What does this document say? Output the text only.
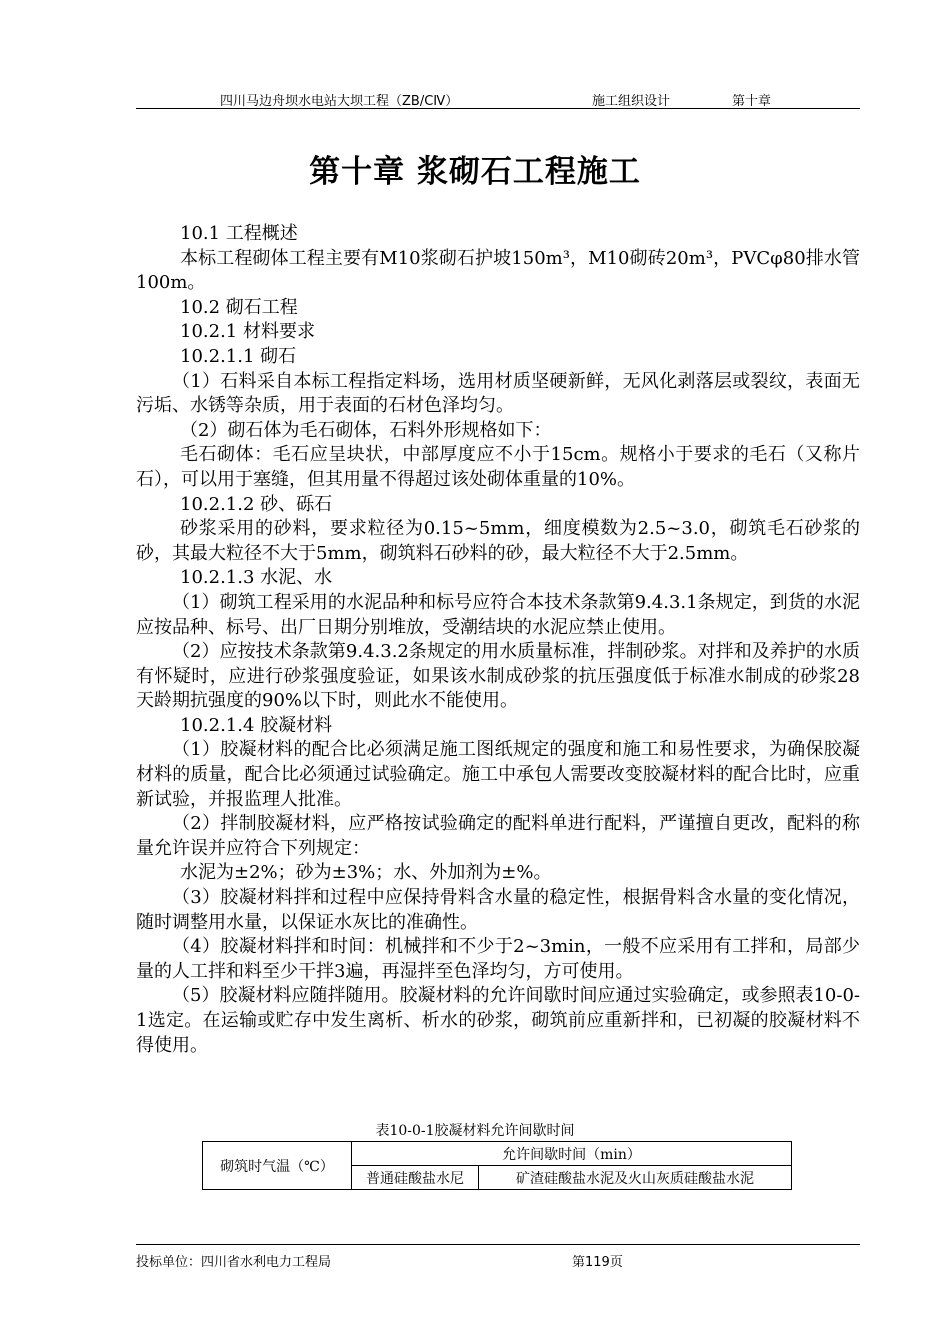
四川马边舟坝水电站大坝工程（ZB/CⅣ）	施工组织设计	第十章
第十章 浆砌石工程施工

10.1 工程概述

本标工程砌体工程主要有M10浆砌石护坡150m³，M10砌砖20m³，PVCφ80排水管100m。

10.2 砌石工程

10.2.1 材料要求

10.2.1.1 砌石

（1）石料采自本标工程指定料场，选用材质坚硬新鲜，无风化剥落层或裂纹，表面无污垢、水锈等杂质，用于表面的石材色泽均匀。

（2）砌石体为毛石砌体，石料外形规格如下：

毛石砌体：毛石应呈块状，中部厚度应不小于15cm。规格小于要求的毛石（又称片石），可以用于塞缝，但其用量不得超过该处砌体重量的10%。

10.2.1.2 砂、砾石

砂浆采用的砂料，要求粒径为0.15~5mm，细度模数为2.5~3.0，砌筑毛石砂浆的砂，其最大粒径不大于5mm，砌筑料石砂料的砂，最大粒径不大于2.5mm。

10.2.1.3 水泥、水

（1）砌筑工程采用的水泥品种和标号应符合本技术条款第9.4.3.1条规定，到货的水泥应按品种、标号、出厂日期分别堆放，受潮结块的水泥应禁止使用。

（2）应按技术条款第9.4.3.2条规定的用水质量标准，拌制砂浆。对拌和及养护的水质有怀疑时，应进行砂浆强度验证，如果该水制成砂浆的抗压强度低于标准水制成的砂浆28天龄期抗强度的90%以下时，则此水不能使用。

10.2.1.4 胶凝材料

（1）胶凝材料的配合比必须满足施工图纸规定的强度和施工和易性要求，为确保胶凝材料的质量，配合比必须通过试验确定。施工中承包人需要改变胶凝材料的配合比时，应重新试验，并报监理人批准。

（2）拌制胶凝材料，应严格按试验确定的配料单进行配料，严谨擅自更改，配料的称量允许误并应符合下列规定：

水泥为±2%；砂为±3%；水、外加剂为±%。

（3）胶凝材料拌和过程中应保持骨料含水量的稳定性，根据骨料含水量的变化情况，随时调整用水量，以保证水灰比的准确性。

（4）胶凝材料拌和时间：机械拌和不少于2~3min，一般不应采用有工拌和，局部少量的人工拌和料至少干拌3遍，再湿拌至色泽均匀，方可使用。

（5）胶凝材料应随拌随用。胶凝材料的允许间歇时间应通过实验确定，或参照表10-0-1选定。在运输或贮存中发生离析、析水的砂浆，砌筑前应重新拌和，已初凝的胶凝材料不得使用。

表10-0-1胶凝材料允许间歇时间
砌筑时气温（℃）	允许间歇时间（min）	
	普通硅酸盐水尼	矿渣硅酸盐水泥及火山灰质硅酸盐水泥
投标单位：四川省水利电力工程局	第119页
